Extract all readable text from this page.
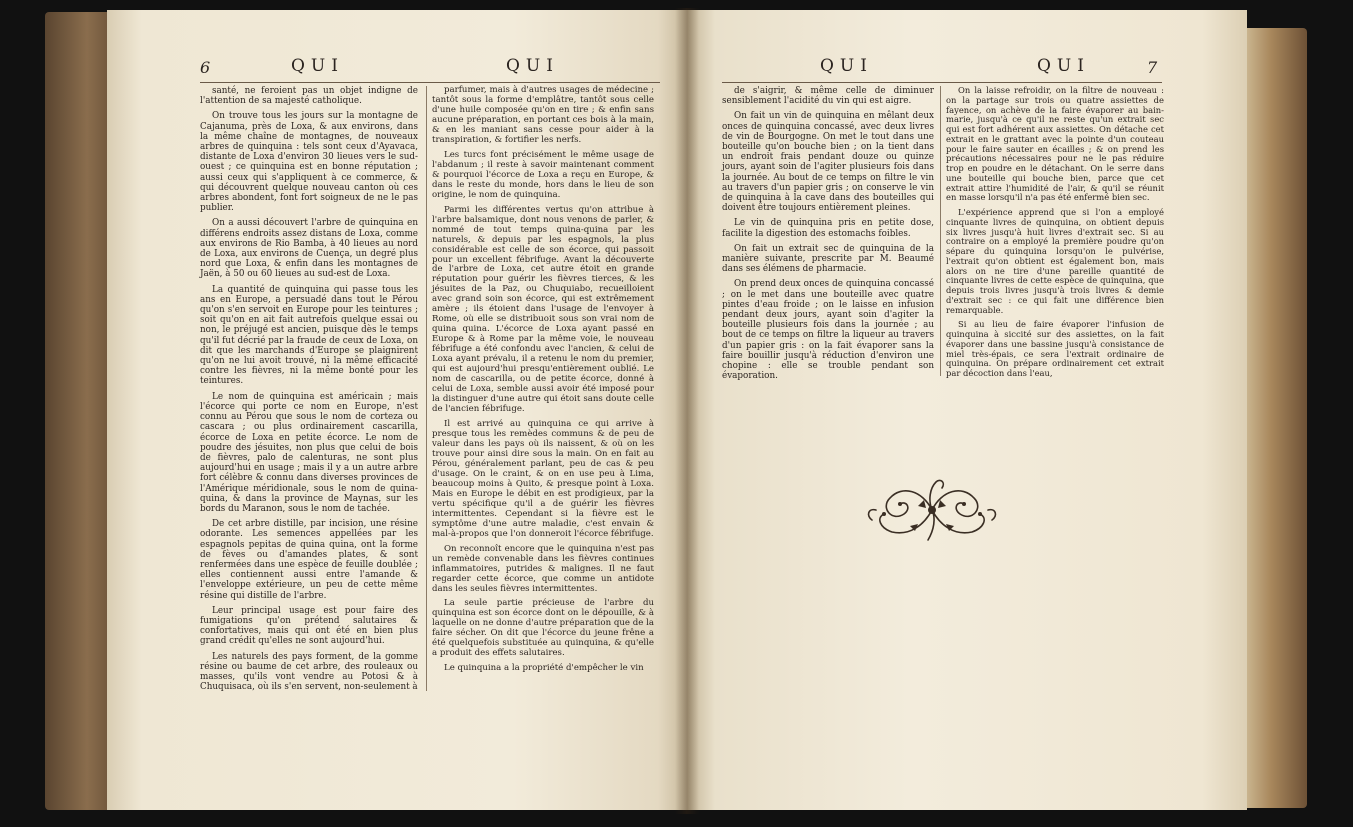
6	QUI	QUI

santé, ne feroient pas un objet indigne de l'attention de sa majesté catholique.

On trouve tous les jours sur la montagne de Cajanuma, près de Loxa, & aux environs, dans la même chaîne de montagnes, de nouveaux arbres de quinquina : tels sont ceux d'Ayavaca, distante de Loxa d'environ 30 lieues vers le sud-ouest ; ce quinquina est en bonne réputation ; aussi ceux qui s'appliquent à ce commerce, & qui découvrent quelque nouveau canton où ces arbres abondent, font fort soigneux de ne le pas publier.

On a aussi découvert l'arbre de quinquina en différens endroits assez distans de Loxa, comme aux environs de Rio Bamba, à 40 lieues au nord de Loxa, aux environs de Cuença, un degré plus nord que Loxa, & enfin dans les montagnes de Jaën, à 50 ou 60 lieues au sud-est de Loxa.

La quantité de quinquina qui passe tous les ans en Europe, a persuadé dans tout le Pérou qu'on s'en servoit en Europe pour les teintures ; soit qu'on en ait fait autrefois quelque essai ou non, le préjugé est ancien, puisque dès le temps qu'il fut décrié par la fraude de ceux de Loxa, on dit que les marchands d'Europe se plaignirent qu'on ne lui avoit trouvé, ni la même efficacité contre les fièvres, ni la même bonté pour les teintures.

Le nom de quinquina est américain ; mais l'écorce qui porte ce nom en Europe, n'est connu au Pérou que sous le nom de corteza ou cascara ; ou plus ordinairement cascarilla, écorce de Loxa en petite écorce. Le nom de poudre des jésuites, non plus que celui de bois de fièvres, palo de calenturas, ne sont plus aujourd'hui en usage ; mais il y a un autre arbre fort célèbre & connu dans diverses provinces de l'Amérique méridionale, sous le nom de quina-quina, & dans la province de Maynas, sur les bords du Maranon, sous le nom de tachée.

De cet arbre distille, par incision, une résine odorante. Les semences appellées par les espagnols pepitas de quina quina, ont la forme de fèves ou d'amandes plates, & sont renfermées dans une espèce de feuille doublée ; elles contiennent aussi entre l'amande & l'enveloppe extérieure, un peu de cette même résine qui distille de l'arbre.

Leur principal usage est pour faire des fumigations qu'on prétend salutaires & confortatives, mais qui ont été en bien plus grand crédit qu'elles ne sont aujourd'hui.

Les naturels des pays forment, de la gomme résine ou baume de cet arbre, des rouleaux ou masses, qu'ils vont vendre au Potosi & à Chuquisaca, où ils s'en servent, non-seulement à

parfumer, mais à d'autres usages de médecine ; tantôt sous la forme d'emplâtre, tantôt sous celle d'une huile composée qu'on en tire ; & enfin sans aucune préparation, en portant ces bois à la main, & en les maniant sans cesse pour aider à la transpiration, & fortifier les nerfs.

Les turcs font précisément le même usage de l'abdanum ; il reste à savoir maintenant comment & pourquoi l'écorce de Loxa a reçu en Europe, & dans le reste du monde, hors dans le lieu de son origine, le nom de quinquina.

Parmi les différentes vertus qu'on attribue à l'arbre balsamique, dont nous venons de parler, & nommé de tout temps quina-quina par les naturels, & depuis par les espagnols, la plus considérable est celle de son écorce, qui passoit pour un excellent fébrifuge. Avant la découverte de l'arbre de Loxa, cet autre étoit en grande réputation pour guérir les fièvres tierces, & les jésuites de la Paz, ou Chuquiabo, recueilloient avec grand soin son écorce, qui est extrêmement amère ; ils étoient dans l'usage de l'envoyer à Rome, où elle se distribuoit sous son vrai nom de quina quina. L'écorce de Loxa ayant passé en Europe & à Rome par la même voie, le nouveau fébrifuge a été confondu avec l'ancien, & celui de Loxa ayant prévalu, il a retenu le nom du premier, qui est aujourd'hui presqu'entièrement oublié. Le nom de cascarilla, ou de petite écorce, donné à celui de Loxa, semble aussi avoir été imposé pour la distinguer d'une autre qui étoit sans doute celle de l'ancien fébrifuge.

Il est arrivé au quinquina ce qui arrive à presque tous les remèdes communs & de peu de valeur dans les pays où ils naissent, & où on les trouve pour ainsi dire sous la main. On en fait au Pérou, généralement parlant, peu de cas & peu d'usage. On le craint, & on en use peu à Lima, beaucoup moins à Quito, & presque point à Loxa. Mais en Europe le débit en est prodigieux, par la vertu spécifique qu'il a de guérir les fièvres intermittentes. Cependant si la fièvre est le symptôme d'une autre maladie, c'est envain & mal-à-propos que l'on donneroit l'écorce fébrifuge.

On reconnoît encore que le quinquina n'est pas un remède convenable dans les fièvres continues inflammatoires, putrides & malignes. Il ne faut regarder cette écorce, que comme un antidote dans les seules fièvres intermittentes.

La seule partie précieuse de l'arbre du quinquina est son écorce dont on le dépouille, & à laquelle on ne donne d'autre préparation que de la faire sécher. On dit que l'écorce du jeune frêne a été quelquefois substituée au quinquina, & qu'elle a produit des effets salutaires.

Le quinquina a la propriété d'empêcher le vin

QUI	QUI	7

de s'aigrir, & même celle de diminuer sensiblement l'acidité du vin qui est aigre.

On fait un vin de quinquina en mêlant deux onces de quinquina concassé, avec deux livres de vin de Bourgogne. On met le tout dans une bouteille qu'on bouche bien ; on la tient dans un endroit frais pendant douze ou quinze jours, ayant soin de l'agiter plusieurs fois dans la journée. Au bout de ce temps on filtre le vin au travers d'un papier gris ; on conserve le vin de quinquina à la cave dans des bouteilles qui doivent être toujours entièrement pleines.

Le vin de quinquina pris en petite dose, facilite la digestion des estomachs foibles.

On fait un extrait sec de quinquina de la manière suivante, prescrite par M. Beaumé dans ses élémens de pharmacie.

On prend deux onces de quinquina concassé ; on le met dans une bouteille avec quatre pintes d'eau froide ; on le laisse en infusion pendant deux jours, ayant soin d'agiter la bouteille plusieurs fois dans la journée ; au bout de ce temps on filtre la liqueur au travers d'un papier gris : on la fait évaporer sans la faire bouillir jusqu'à réduction d'environ une chopine : elle se trouble pendant son évaporation.

On la laisse refroidir, on la filtre de nouveau : on la partage sur trois ou quatre assiettes de fayence, on achève de la faire évaporer au bain-marie, jusqu'à ce qu'il ne reste qu'un extrait sec qui est fort adhérent aux assiettes. On détache cet extrait en le grattant avec la pointe d'un couteau pour le faire sauter en écailles ; & on prend les précautions nécessaires pour ne le pas réduire trop en poudre en le détachant. On le serre dans une bouteille qui bouche bien, parce que cet extrait attire l'humidité de l'air, & qu'il se réunit en masse lorsqu'il n'a pas été enfermé bien sec.

L'expérience apprend que si l'on a employé cinquante livres de quinquina, on obtient depuis six livres jusqu'à huit livres d'extrait sec. Si au contraire on a employé la première poudre qu'on sépare du quinquina lorsqu'on le pulvérise, l'extrait qu'on obtient est également bon, mais alors on ne tire d'une pareille quantité de cinquante livres de cette espèce de quinquina, que depuis trois livres jusqu'à trois livres & demie d'extrait sec : ce qui fait une différence bien remarquable.

Si au lieu de faire évaporer l'infusion de quinquina à siccité sur des assiettes, on la fait évaporer dans une bassine jusqu'à consistance de miel très-épais, ce sera l'extrait ordinaire de quinquina. On prépare ordinairement cet extrait par décoction dans l'eau,
